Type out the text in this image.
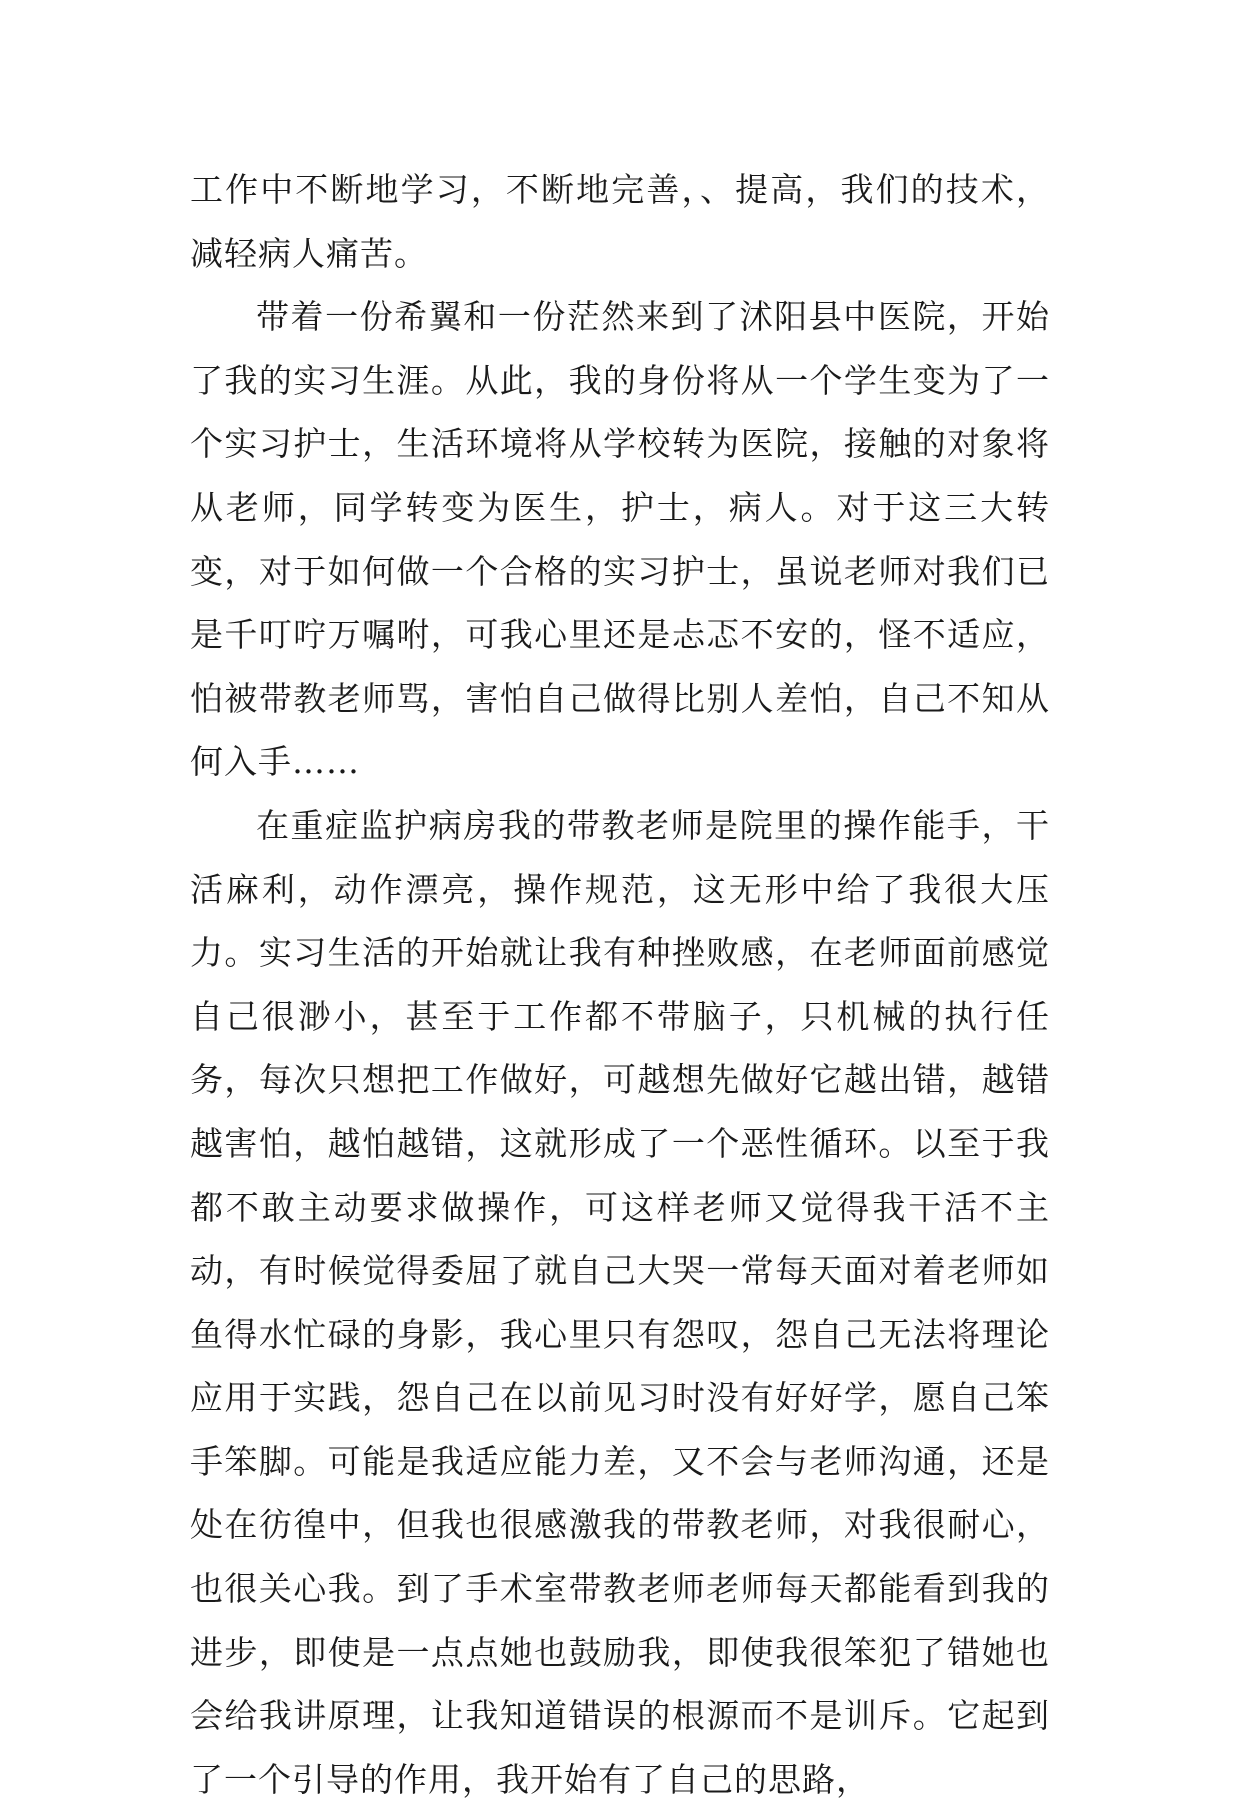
工作中不断地学习，不断地完善，、提高，我们的技术，减轻病人痛苦。

带着一份希翼和一份茫然来到了沭阳县中医院，开始了我的实习生涯。从此，我的身份将从一个学生变为了一个实习护士，生活环境将从学校转为医院，接触的对象将从老师，同学转变为医生，护士，病人。对于这三大转变，对于如何做一个合格的实习护士，虽说老师对我们已是千叮咛万嘱咐，可我心里还是忐忑不安的，怪不适应，怕被带教老师骂，害怕自己做得比别人差怕，自己不知从何入手……

在重症监护病房我的带教老师是院里的操作能手，干活麻利，动作漂亮，操作规范，这无形中给了我很大压力。实习生活的开始就让我有种挫败感，在老师面前感觉自己很渺小，甚至于工作都不带脑子，只机械的执行任务，每次只想把工作做好，可越想先做好它越出错，越错越害怕，越怕越错，这就形成了一个恶性循环。以至于我都不敢主动要求做操作，可这样老师又觉得我干活不主动，有时候觉得委屈了就自己大哭一常每天面对着老师如鱼得水忙碌的身影，我心里只有怨叹，怨自己无法将理论应用于实践，怨自己在以前见习时没有好好学，愿自己笨手笨脚。可能是我适应能力差，又不会与老师沟通，还是处在彷徨中，但我也很感激我的带教老师，对我很耐心，也很关心我。到了手术室带教老师老师每天都能看到我的进步，即使是一点点她也鼓励我，即使我很笨犯了错她也会给我讲原理，让我知道错误的根源而不是训斥。它起到了一个引导的作用，我开始有了自己的思路，
